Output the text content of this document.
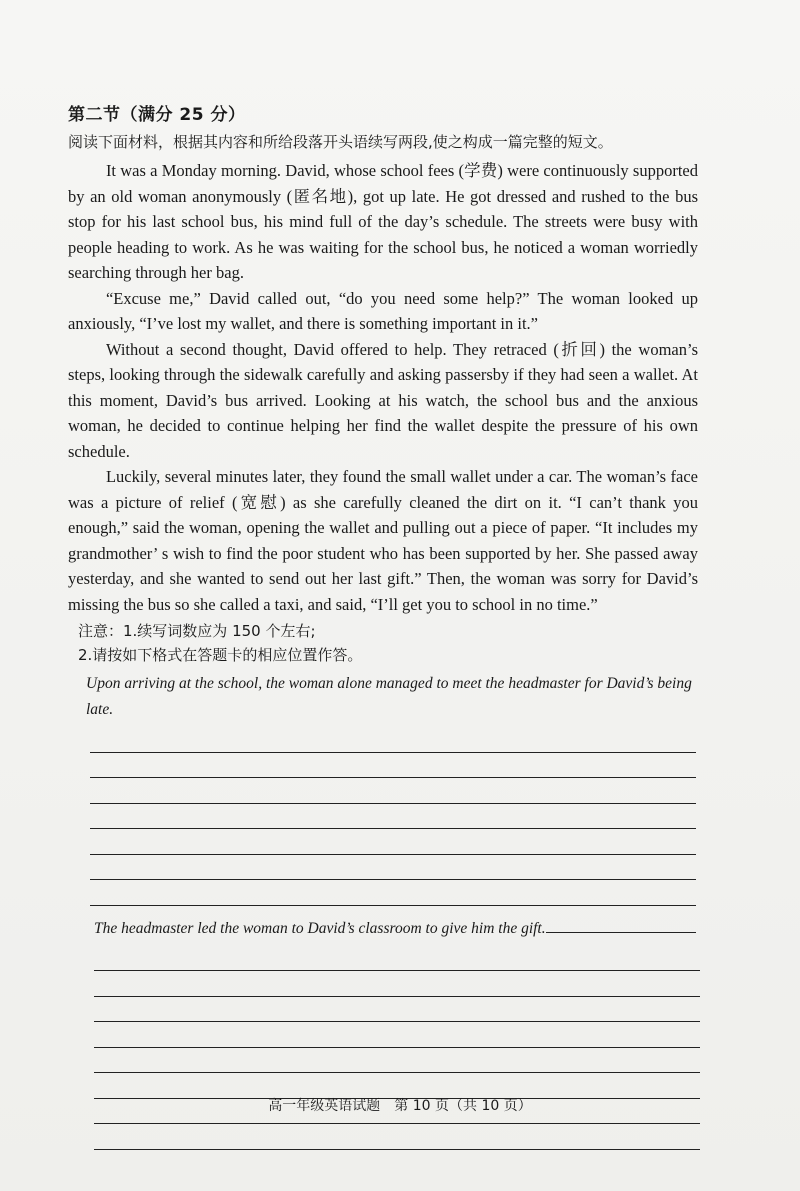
第二节（满分 25 分）
阅读下面材料，根据其内容和所给段落开头语续写两段,使之构成一篇完整的短文。

It was a Monday morning. David, whose school fees (学费) were continuously supported by an old woman anonymously (匿名地), got up late. He got dressed and rushed to the bus stop for his last school bus, his mind full of the day’s schedule. The streets were busy with people heading to work. As he was waiting for the school bus, he noticed a woman worriedly searching through her bag.

“Excuse me,” David called out, “do you need some help?” The woman looked up anxiously, “I’ve lost my wallet, and there is something important in it.”

Without a second thought, David offered to help. They retraced (折回) the woman’s steps, looking through the sidewalk carefully and asking passersby if they had seen a wallet. At this moment, David’s bus arrived. Looking at his watch, the school bus and the anxious woman, he decided to continue helping her find the wallet despite the pressure of his own schedule.

Luckily, several minutes later, they found the small wallet under a car. The woman’s face was a picture of relief (宽慰) as she carefully cleaned the dirt on it. “I can’t thank you enough,” said the woman, opening the wallet and pulling out a piece of paper. “It includes my grandmother’ s wish to find the poor student who has been supported by her. She passed away yesterday, and she wanted to send out her last gift.” Then, the woman was sorry for David’s missing the bus so she called a taxi, and said, “I’ll get you to school in no time.”

注意：1.续写词数应为 150 个左右;
2.请按如下格式在答题卡的相应位置作答。

Upon arriving at the school, the woman alone managed to meet the headmaster for David’s being late.

The headmaster led the woman to David’s classroom to give him the gift.

高一年级英语试题　第 10 页（共 10 页）
